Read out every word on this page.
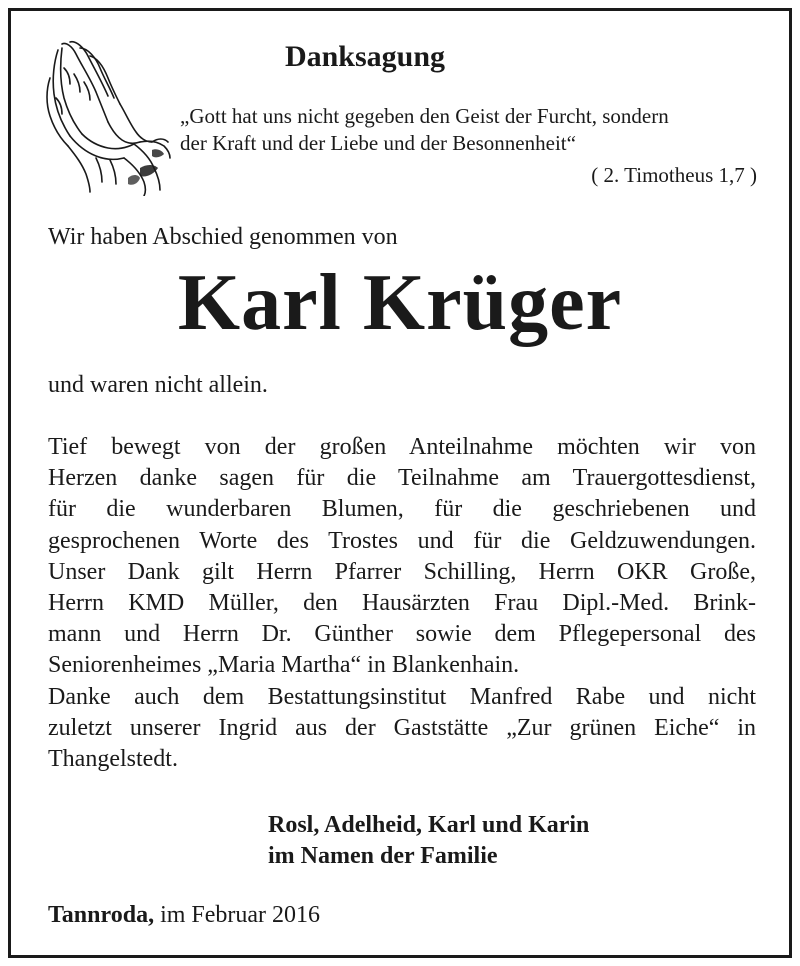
Danksagung
„Gott hat uns nicht gegeben den Geist der Furcht, sondern
der Kraft und der Liebe und der Besonnenheit“
( 2. Timotheus 1,7 )
Wir haben Abschied genommen von
Karl Krüger
und waren nicht allein.
Tief bewegt von der großen Anteilnahme möchten wir von
Herzen danke sagen für die Teilnahme am Trauergottesdienst,
für die wunderbaren Blumen, für die geschriebenen und
gesprochenen Worte des Trostes und für die Geldzuwendungen.
Unser Dank gilt Herrn Pfarrer Schilling, Herrn OKR Große,
Herrn KMD Müller, den Hausärzten Frau Dipl.-Med. Brink-
mann und Herrn Dr. Günther sowie dem Pflegepersonal des
Seniorenheimes „Maria Martha“ in Blankenhain.
Danke auch dem Bestattungsinstitut Manfred Rabe und nicht
zuletzt unserer Ingrid aus der Gaststätte „Zur grünen Eiche“ in
Thangelstedt.
Rosl, Adelheid, Karl und Karin
im Namen der Familie
Tannroda, im Februar 2016
